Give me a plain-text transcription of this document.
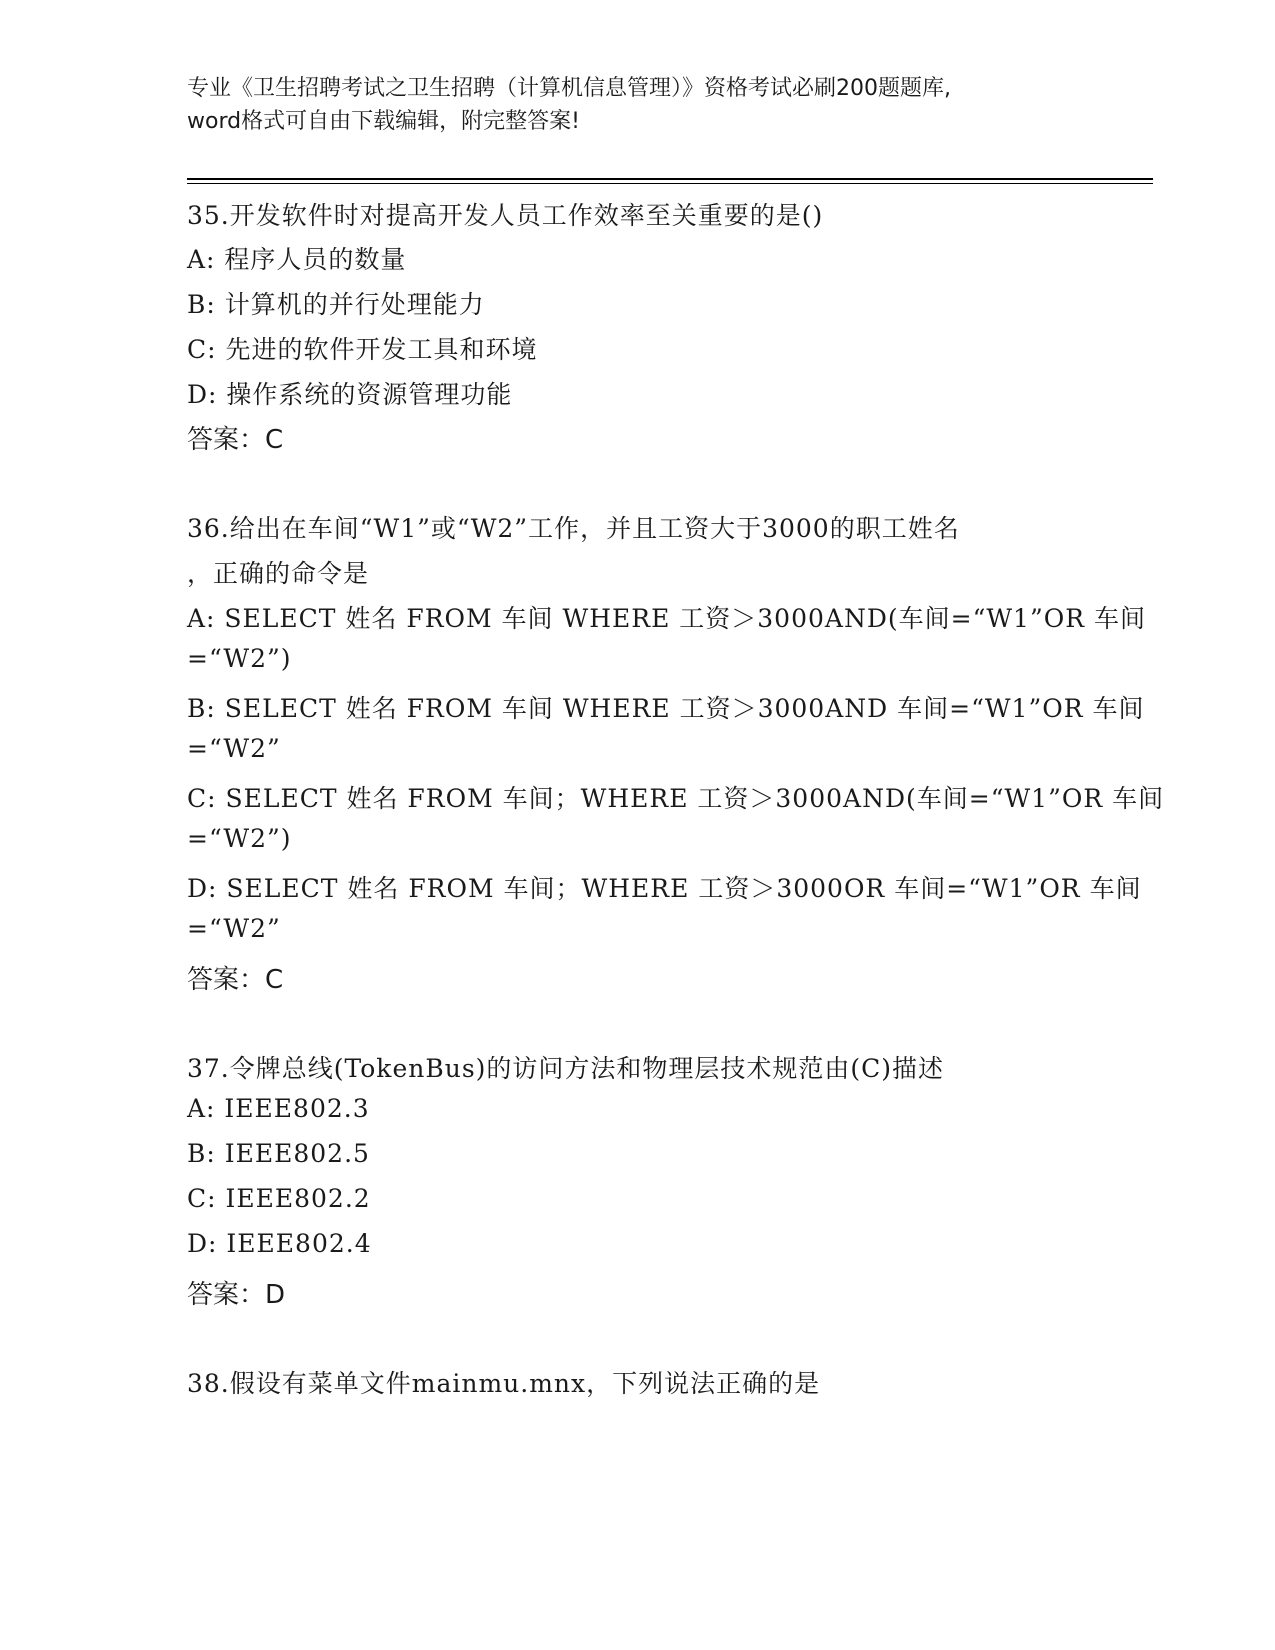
专业《卫生招聘考试之卫生招聘（计算机信息管理）》资格考试必刷200题题库,
word格式可自由下载编辑，附完整答案!
35.开发软件时对提高开发人员工作效率至关重要的是()
A: 程序人员的数量
B: 计算机的并行处理能力
C: 先进的软件开发工具和环境
D: 操作系统的资源管理功能
答案：C
36.给出在车间“W1”或“W2”工作，并且工资大于3000的职工姓名
，正确的命令是
A: SELECT 姓名 FROM 车间 WHERE 工资＞3000AND(车间=“W1”OR 车间
=“W2”)
B: SELECT 姓名 FROM 车间 WHERE 工资＞3000AND 车间=“W1”OR 车间
=“W2”
C: SELECT 姓名 FROM 车间；WHERE 工资＞3000AND(车间=“W1”OR 车间
=“W2”)
D: SELECT 姓名 FROM 车间；WHERE 工资＞3000OR 车间=“W1”OR 车间
=“W2”
答案：C
37.令牌总线(TokenBus)的访问方法和物理层技术规范由(C)描述
A: IEEE802.3
B: IEEE802.5
C: IEEE802.2
D: IEEE802.4
答案：D
38.假设有菜单文件mainmu.mnx，下列说法正确的是
